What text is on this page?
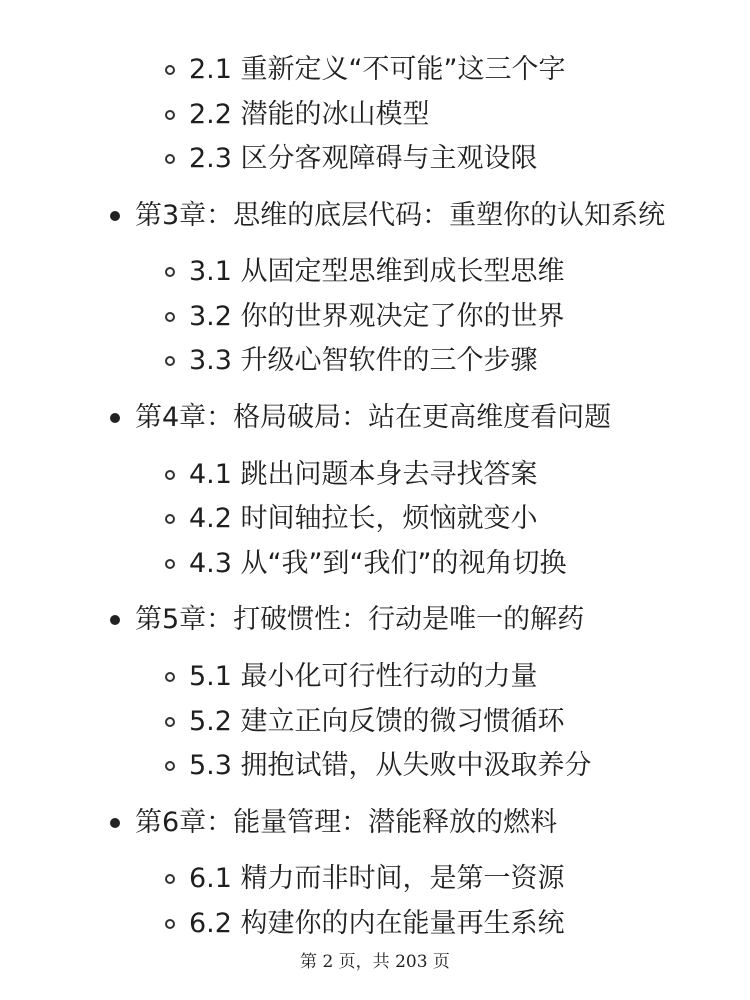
2.1 重新定义“不可能”这三个字
2.2 潜能的冰山模型
2.3 区分客观障碍与主观设限
第3章：思维的底层代码：重塑你的认知系统
3.1 从固定型思维到成长型思维
3.2 你的世界观决定了你的世界
3.3 升级心智软件的三个步骤
第4章：格局破局：站在更高维度看问题
4.1 跳出问题本身去寻找答案
4.2 时间轴拉长，烦恼就变小
4.3 从“我”到“我们”的视角切换
第5章：打破惯性：行动是唯一的解药
5.1 最小化可行性行动的力量
5.2 建立正向反馈的微习惯循环
5.3 拥抱试错，从失败中汲取养分
第6章：能量管理：潜能释放的燃料
6.1 精力而非时间，是第一资源
6.2 构建你的内在能量再生系统
第 2 页，共 203 页
